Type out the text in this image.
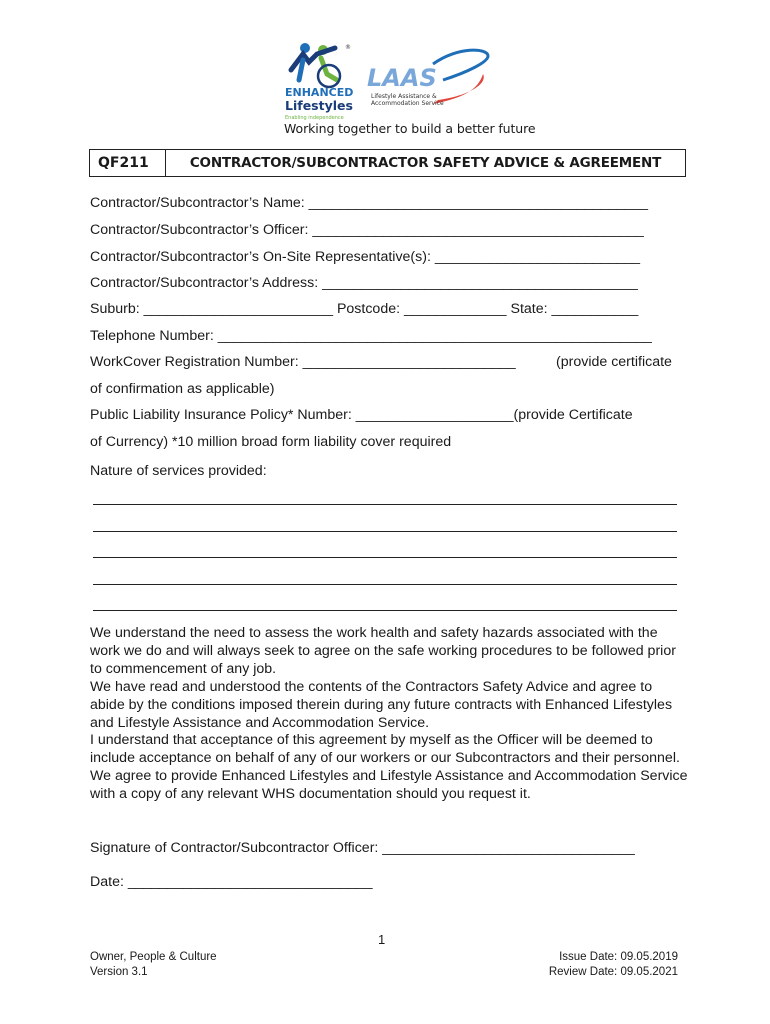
®
ENHANCED
Lifestyles
Enabling independence
LAAS
Lifestyle Assistance &
Accommodation Service
Working together to build a better future
QF211	CONTRACTOR/SUBCONTRACTOR SAFETY ADVICE & AGREEMENT
Contractor/Subcontractor’s Name: ___________________________________________
Contractor/Subcontractor’s Officer: __________________________________________
Contractor/Subcontractor’s On-Site Representative(s): __________________________
Contractor/Subcontractor’s Address: ________________________________________
Suburb: ________________________ Postcode: _____________ State: ___________
Telephone Number: _______________________________________________________
WorkCover Registration Number: ___________________________	(provide certificate
of confirmation as applicable)
Public Liability Insurance Policy* Number: ____________________(provide Certificate
of Currency) *10 million broad form liability cover required
Nature of services provided:

We understand the need to assess the work health and safety hazards associated with the work we do and will always seek to agree on the safe working procedures to be followed prior to commencement of any job.

We have read and understood the contents of the Contractors Safety Advice and agree to abide by the conditions imposed therein during any future contracts with Enhanced Lifestyles and Lifestyle Assistance and Accommodation Service.

I understand that acceptance of this agreement by myself as the Officer will be deemed to include acceptance on behalf of any of our workers or our Subcontractors and their personnel.

We agree to provide Enhanced Lifestyles and Lifestyle Assistance and Accommodation Service with a copy of any relevant WHS documentation should you request it.

Signature of Contractor/Subcontractor Officer: ________________________________
Date: _______________________________
1
Owner, People & Culture
Version 3.1
Issue Date: 09.05.2019
Review Date: 09.05.2021
